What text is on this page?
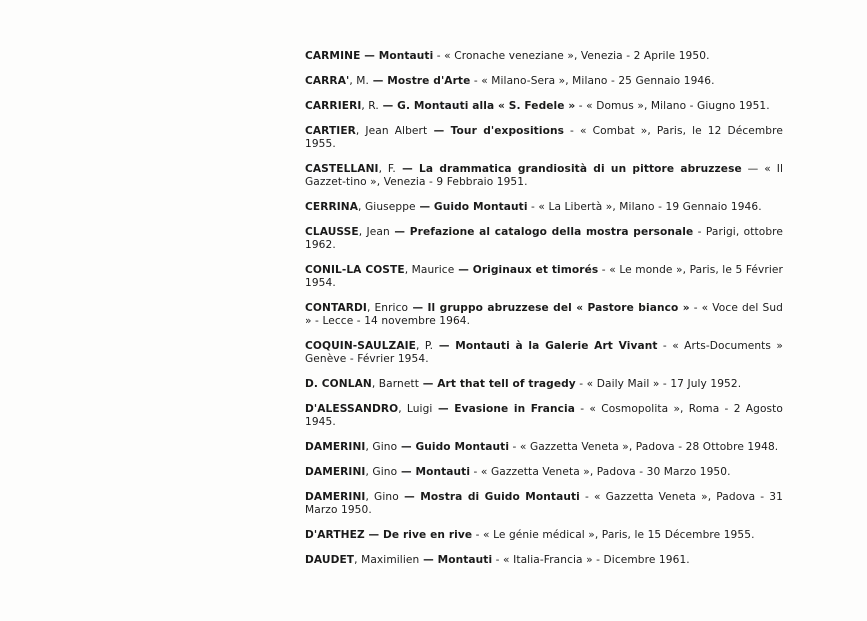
CARMINE — Montauti - « Cronache veneziane », Venezia - 2 Aprile 1950.
CARRA', M. — Mostre d'Arte - « Milano-Sera », Milano - 25 Gennaio 1946.
CARRIERI, R. — G. Montauti alla « S. Fedele » - « Domus », Milano - Giugno 1951.
CARTIER, Jean Albert — Tour d'expositions - « Combat », Paris, le 12 Décembre 1955.
CASTELLANI, F. — La drammatica grandiosità di un pittore abruzzese — « Il Gazzet-tino », Venezia - 9 Febbraio 1951.
CERRINA, Giuseppe — Guido Montauti - « La Libertà », Milano - 19 Gennaio 1946.
CLAUSSE, Jean — Prefazione al catalogo della mostra personale - Parigi, ottobre 1962.
CONIL-LA COSTE, Maurice — Originaux et timorés - « Le monde », Paris, le 5 Février 1954.
CONTARDI, Enrico — Il gruppo abruzzese del « Pastore bianco » - « Voce del Sud » - Lecce - 14 novembre 1964.
COQUIN-SAULZAIE, P. — Montauti à la Galerie Art Vivant - « Arts-Documents » Genève - Février 1954.
D. CONLAN, Barnett — Art that tell of tragedy - « Daily Mail » - 17 July 1952.
D'ALESSANDRO, Luigi — Evasione in Francia - « Cosmopolita », Roma - 2 Agosto 1945.
DAMERINI, Gino — Guido Montauti - « Gazzetta Veneta », Padova - 28 Ottobre 1948.
DAMERINI, Gino — Montauti - « Gazzetta Veneta », Padova - 30 Marzo 1950.
DAMERINI, Gino — Mostra di Guido Montauti - « Gazzetta Veneta », Padova - 31 Marzo 1950.
D'ARTHEZ — De rive en rive - « Le génie médical », Paris, le 15 Décembre 1955.
DAUDET, Maximilien — Montauti - « Italia-Francia » - Dicembre 1961.
